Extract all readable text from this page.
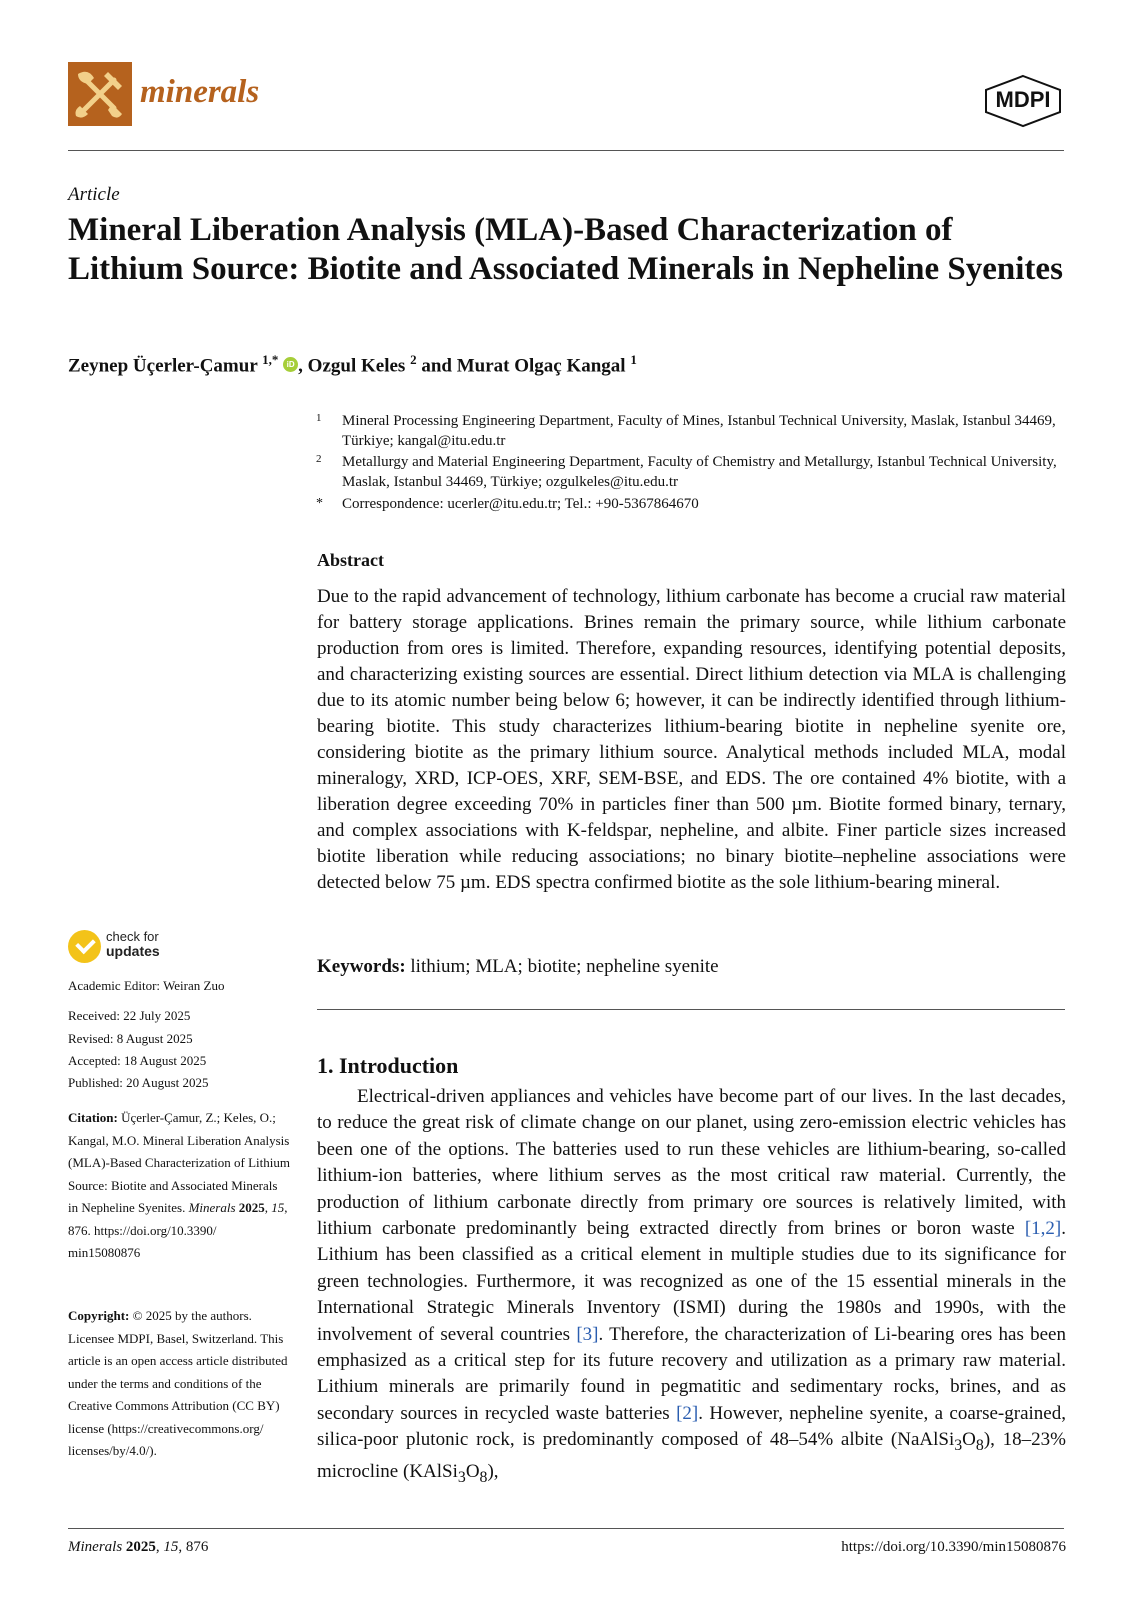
minerals	MDPI
Article
Mineral Liberation Analysis (MLA)-Based Characterization of Lithium Source: Biotite and Associated Minerals in Nepheline Syenites
Zeynep Üçerler-Çamur $^{1,*}$ iD , Ozgul Keles $^2$ and Murat Olgaç Kangal $^1$
1 Mineral Processing Engineering Department, Faculty of Mines, Istanbul Technical University, Maslak, Istanbul 34469, Türkiye; kangal@itu.edu.tr
2 Metallurgy and Material Engineering Department, Faculty of Chemistry and Metallurgy, Istanbul Technical University, Maslak, Istanbul 34469, Türkiye; ozgulkeles@itu.edu.tr
* Correspondence: ucerler@itu.edu.tr; Tel.: +90-5367864670
Abstract
Due to the rapid advancement of technology, lithium carbonate has become a crucial raw material for battery storage applications. Brines remain the primary source, while lithium carbonate production from ores is limited. Therefore, expanding resources, identifying potential deposits, and characterizing existing sources are essential. Direct lithium detection via MLA is challenging due to its atomic number being below 6; however, it can be indirectly identified through lithium-bearing biotite. This study characterizes lithium-bearing biotite in nepheline syenite ore, considering biotite as the primary lithium source. Analytical methods included MLA, modal mineralogy, XRD, ICP-OES, XRF, SEM-BSE, and EDS. The ore contained 4% biotite, with a liberation degree exceeding 70% in particles finer than 500 µm. Biotite formed binary, ternary, and complex associations with K-feldspar, nepheline, and albite. Finer particle sizes increased biotite liberation while reducing associations; no binary biotite–nepheline associations were detected below 75 µm. EDS spectra confirmed biotite as the sole lithium-bearing mineral.
Keywords: lithium; MLA; biotite; nepheline syenite
1. Introduction

Electrical-driven appliances and vehicles have become part of our lives. In the last decades, to reduce the great risk of climate change on our planet, using zero-emission electric vehicles has been one of the options. The batteries used to run these vehicles are lithium-bearing, so-called lithium-ion batteries, where lithium serves as the most critical raw material. Currently, the production of lithium carbonate directly from primary ore sources is relatively limited, with lithium carbonate predominantly being extracted directly from brines or boron waste [1,2]. Lithium has been classified as a critical element in multiple studies due to its significance for green technologies. Furthermore, it was recognized as one of the 15 essential minerals in the International Strategic Minerals Inventory (ISMI) during the 1980s and 1990s, with the involvement of several countries [3]. Therefore, the characterization of Li-bearing ores has been emphasized as a critical step for its future recovery and utilization as a primary raw material. Lithium minerals are primarily found in pegmatitic and sedimentary rocks, brines, and as secondary sources in recycled waste batteries [2]. However, nepheline syenite, a coarse-grained, silica-poor plutonic rock, is predominantly composed of 48–54% albite $(NaAlSi_3O_8)$, 18–23% microcline $(KAlSi_3O_8)$,

check for
updates
Academic Editor: Weiran Zuo
Received: 22 July 2025
Revised: 8 August 2025
Accepted: 18 August 2025
Published: 20 August 2025
Citation: Üçerler-Çamur, Z.; Keles, O.; Kangal, M.O. Mineral Liberation Analysis (MLA)-Based Characterization of Lithium Source: Biotite and Associated Minerals in Nepheline Syenites. Minerals 2025, 15, 876. https://doi.org/10.3390/ min15080876
Copyright: © 2025 by the authors. Licensee MDPI, Basel, Switzerland. This article is an open access article distributed under the terms and conditions of the Creative Commons Attribution (CC BY) license (https://creativecommons.org/ licenses/by/4.0/).
Minerals 2025, 15, 876	https://doi.org/10.3390/min15080876
